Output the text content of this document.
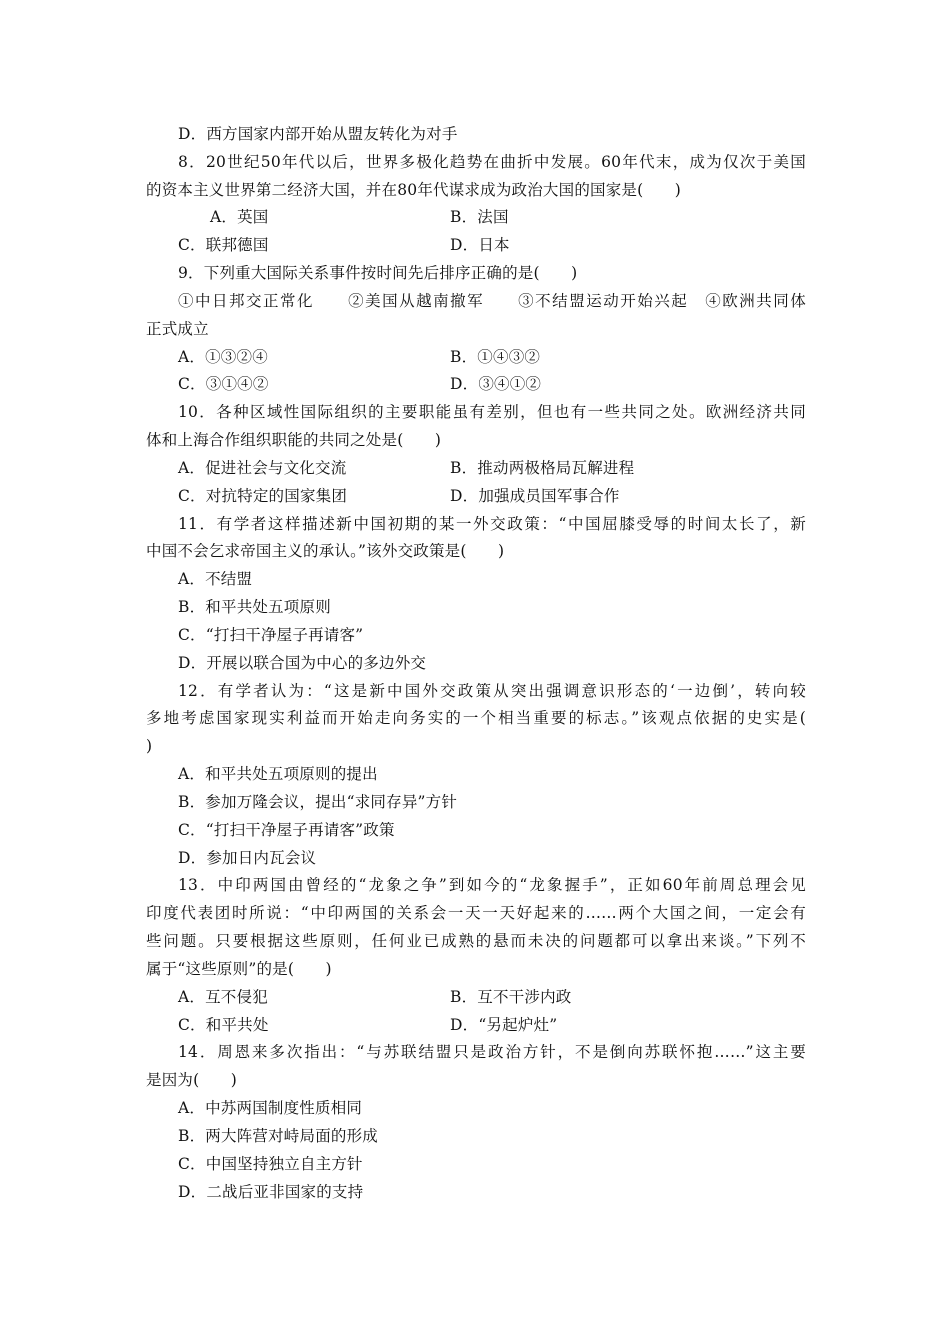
D．西方国家内部开始从盟友转化为对手
8．20世纪50年代以后，世界多极化趋势在曲折中发展。60年代末，成为仅次于美国
的资本主义世界第二经济大国，并在80年代谋求成为政治大国的国家是(　　)
A．英国	B．法国
C．联邦德国	D．日本
9．下列重大国际关系事件按时间先后排序正确的是(　　)
①中日邦交正常化　　②美国从越南撤军　　③不结盟运动开始兴起　④欧洲共同体
正式成立
A．①③②④	B．①④③②
C．③①④②	D．③④①②
10．各种区域性国际组织的主要职能虽有差别，但也有一些共同之处。欧洲经济共同
体和上海合作组织职能的共同之处是(　　)
A．促进社会与文化交流	B．推动两极格局瓦解进程
C．对抗特定的国家集团	D．加强成员国军事合作
11．有学者这样描述新中国初期的某一外交政策：“中国屈膝受辱的时间太长了，新
中国不会乞求帝国主义的承认。”该外交政策是(　　)
A．不结盟
B．和平共处五项原则
C．“打扫干净屋子再请客”
D．开展以联合国为中心的多边外交
12．有学者认为：“这是新中国外交政策从突出强调意识形态的‘一边倒’，转向较
多地考虑国家现实利益而开始走向务实的一个相当重要的标志。”该观点依据的史实是(
)
A．和平共处五项原则的提出
B．参加万隆会议，提出“求同存异”方针
C．“打扫干净屋子再请客”政策
D．参加日内瓦会议
13．中印两国由曾经的“龙象之争”到如今的“龙象握手”，正如60年前周总理会见
印度代表团时所说：“中印两国的关系会一天一天好起来的……两个大国之间，一定会有
些问题。只要根据这些原则，任何业已成熟的悬而未决的问题都可以拿出来谈。”下列不
属于“这些原则”的是(　　)
A．互不侵犯	B．互不干涉内政
C．和平共处	D．“另起炉灶”
14．周恩来多次指出：“与苏联结盟只是政治方针，不是倒向苏联怀抱……”这主要
是因为(　　)
A．中苏两国制度性质相同
B．两大阵营对峙局面的形成
C．中国坚持独立自主方针
D．二战后亚非国家的支持
